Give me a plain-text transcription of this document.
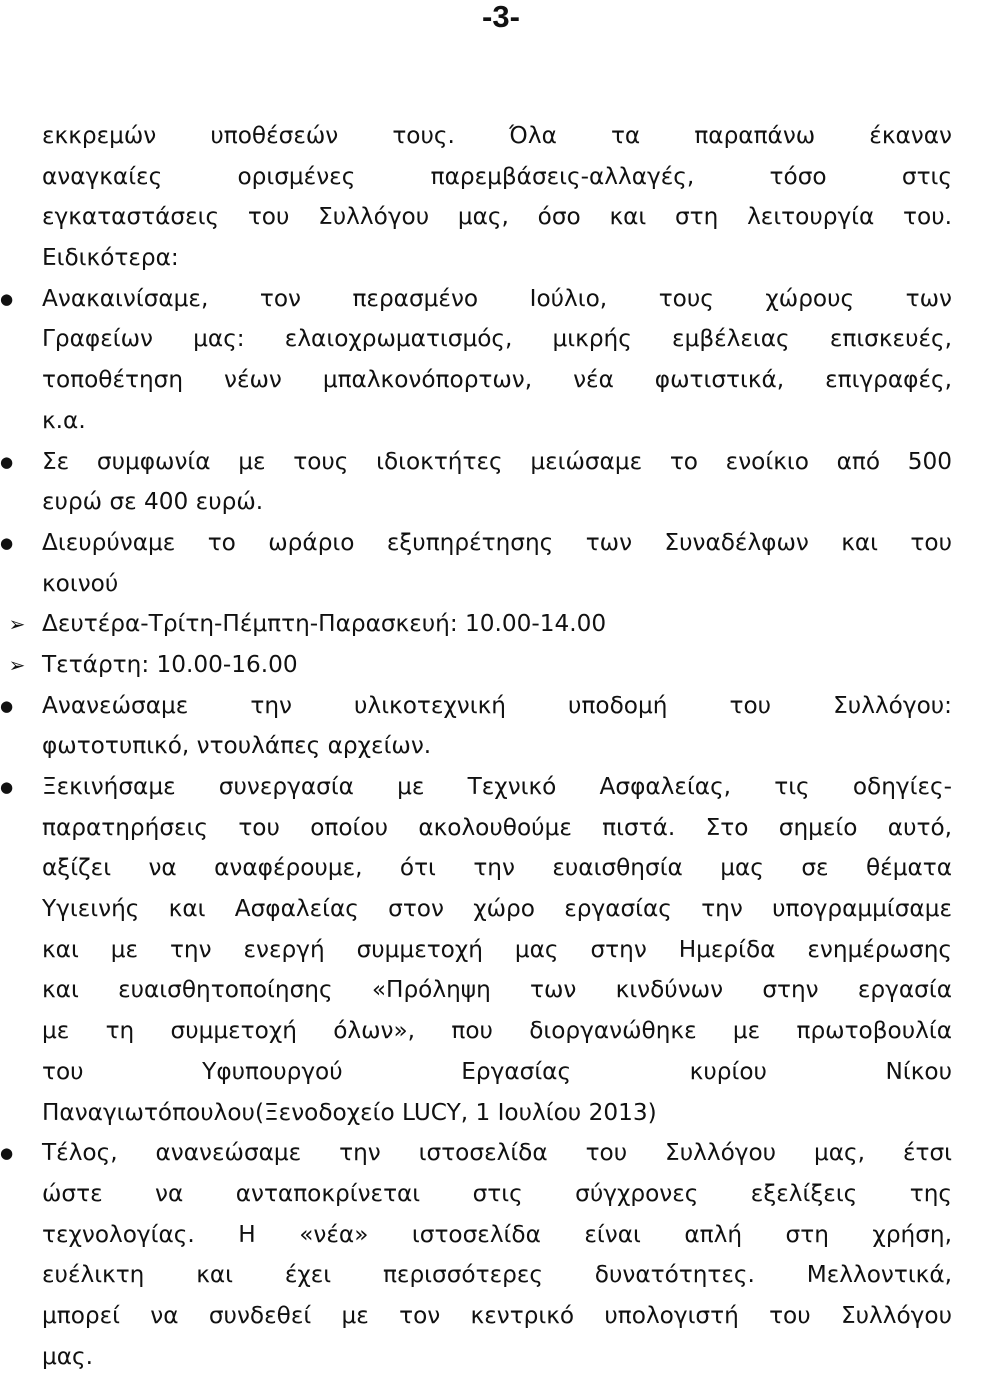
-3-
εκκρεμών υποθέσεών τους. Όλα τα παραπάνω έκαναν
αναγκαίες ορισμένες παρεμβάσεις-αλλαγές, τόσο στις
εγκαταστάσεις του Συλλόγου μας, όσο και στη λειτουργία του.
Ειδικότερα:
●	Ανακαινίσαμε, τον περασμένο Ιούλιο, τους χώρους των
Γραφείων μας: ελαιοχρωματισμός, μικρής εμβέλειας επισκευές,
τοποθέτηση νέων μπαλκονόπορτων, νέα φωτιστικά, επιγραφές,
κ.α.
●	Σε συμφωνία με τους ιδιοκτήτες μειώσαμε το ενοίκιο από 500
ευρώ σε 400 ευρώ.
●	Διευρύναμε το ωράριο εξυπηρέτησης των Συναδέλφων και του
κοινού
➢ Δευτέρα-Τρίτη-Πέμπτη-Παρασκευή: 10.00-14.00
➢ Τετάρτη: 10.00-16.00
●	Ανανεώσαμε την υλικοτεχνική υποδομή του Συλλόγου:
φωτοτυπικό, ντουλάπες αρχείων.
●	Ξεκινήσαμε συνεργασία με Τεχνικό Ασφαλείας, τις οδηγίες-
παρατηρήσεις του οποίου ακολουθούμε πιστά. Στο σημείο αυτό,
αξίζει να αναφέρουμε, ότι την ευαισθησία μας σε θέματα
Υγιεινής και Ασφαλείας στον χώρο εργασίας την υπογραμμίσαμε
και με την ενεργή συμμετοχή μας στην Ημερίδα ενημέρωσης
και ευαισθητοποίησης «Πρόληψη των κινδύνων στην εργασία
με τη συμμετοχή όλων», που διοργανώθηκε με πρωτοβουλία
του Υφυπουργού Εργασίας κυρίου Νίκου
Παναγιωτόπουλου(Ξενοδοχείο LUCY, 1 Ιουλίου 2013)
●	Τέλος, ανανεώσαμε την ιστοσελίδα του Συλλόγου μας, έτσι
ώστε να ανταποκρίνεται στις σύγχρονες εξελίξεις της
τεχνολογίας. Η «νέα» ιστοσελίδα είναι απλή στη χρήση,
ευέλικτη και έχει περισσότερες δυνατότητες. Μελλοντικά,
μπορεί να συνδεθεί με τον κεντρικό υπολογιστή του Συλλόγου
μας.
